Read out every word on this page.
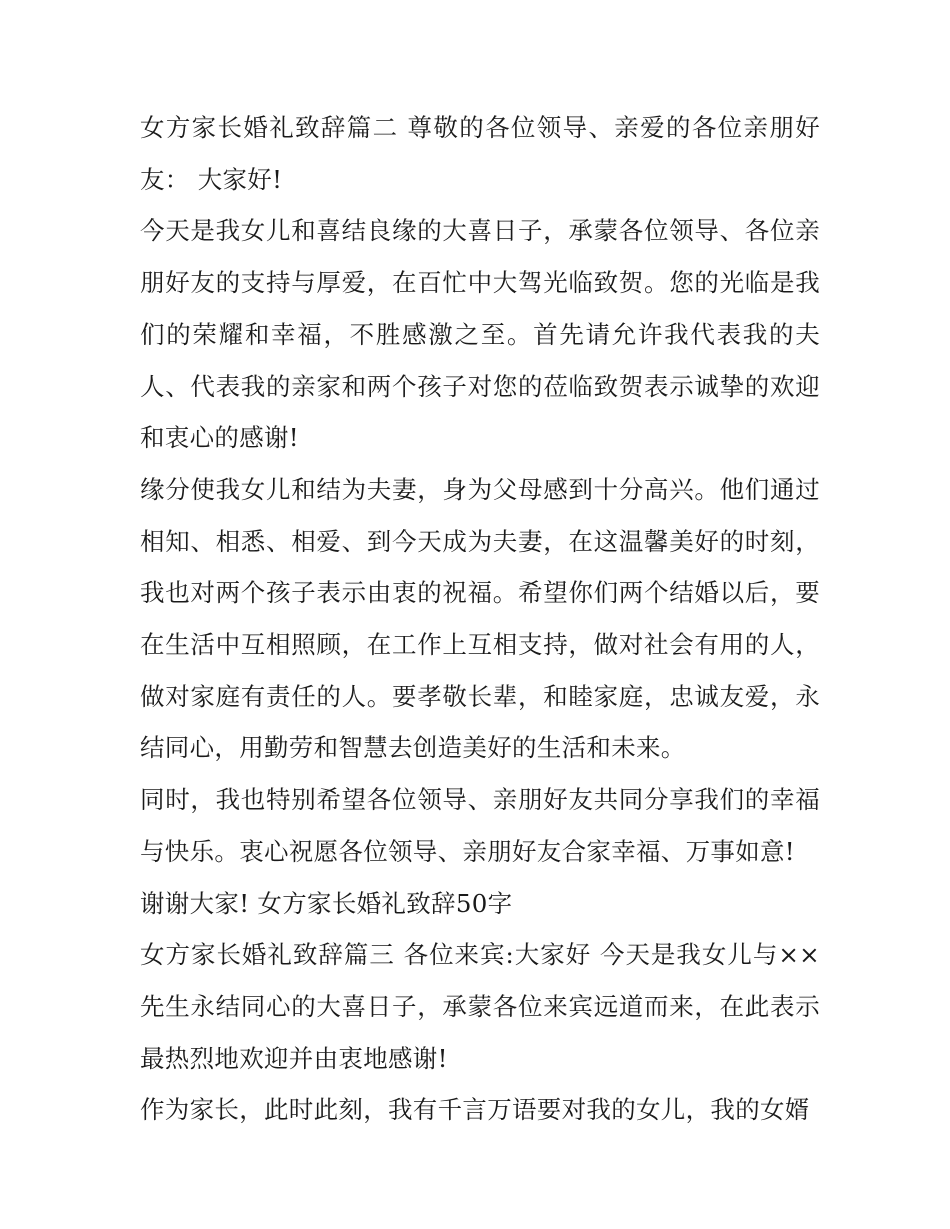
女方家长婚礼致辞篇二 尊敬的各位领导、亲爱的各位亲朋好友： 大家好!

今天是我女儿和喜结良缘的大喜日子，承蒙各位领导、各位亲朋好友的支持与厚爱，在百忙中大驾光临致贺。您的光临是我们的荣耀和幸福，不胜感激之至。首先请允许我代表我的夫人、代表我的亲家和两个孩子对您的莅临致贺表示诚挚的欢迎和衷心的感谢!

缘分使我女儿和结为夫妻，身为父母感到十分高兴。他们通过相知、相悉、相爱、到今天成为夫妻，在这温馨美好的时刻，我也对两个孩子表示由衷的祝福。希望你们两个结婚以后，要在生活中互相照顾，在工作上互相支持，做对社会有用的人，做对家庭有责任的人。要孝敬长辈，和睦家庭，忠诚友爱，永结同心，用勤劳和智慧去创造美好的生活和未来。

同时，我也特别希望各位领导、亲朋好友共同分享我们的幸福与快乐。衷心祝愿各位领导、亲朋好友合家幸福、万事如意!

谢谢大家! 女方家长婚礼致辞50字

女方家长婚礼致辞篇三 各位来宾:大家好 今天是我女儿与××先生永结同心的大喜日子，承蒙各位来宾远道而来，在此表示最热烈地欢迎并由衷地感谢!

作为家长，此时此刻，我有千言万语要对我的女儿，我的女婿
